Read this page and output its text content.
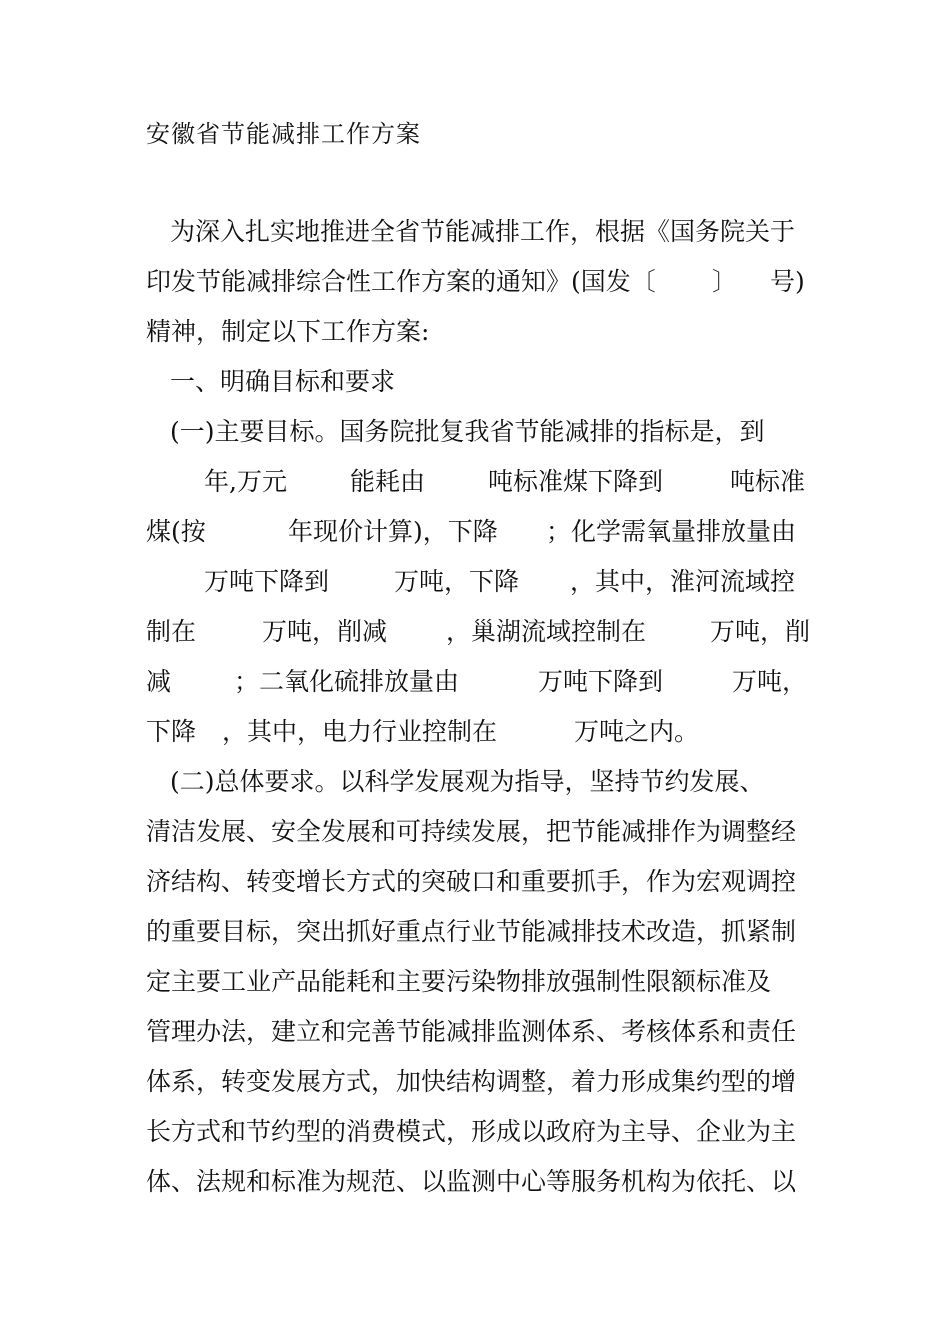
安徽省节能减排工作方案

为深入扎实地推进全省节能减排工作，根据《国务院关于

印发节能减排综合性工作方案的通知》(国发〔

〕

号)

精神，制定以下工作方案:

一、明确目标和要求

(一)主要目标。国务院批复我省节能减排的指标是，到

年,万元

	能耗由

	吨标准煤下降到

	吨标准

煤(按

	年现价计算)，下降

；化学需氧量排放量由

万吨下降到

	万吨，下降

，其中，淮河流域控

制在

	万吨，削减

，巢湖流域控制在

	万吨，削

减

	；二氧化硫排放量由

	万吨下降到

	万吨，

下降

，其中，电力行业控制在

	万吨之内。

(二)总体要求。以科学发展观为指导，坚持节约发展、

清洁发展、安全发展和可持续发展，把节能减排作为调整经

济结构、转变增长方式的突破口和重要抓手，作为宏观调控

的重要目标，突出抓好重点行业节能减排技术改造，抓紧制

定主要工业产品能耗和主要污染物排放强制性限额标准及

管理办法，建立和完善节能减排监测体系、考核体系和责任

体系，转变发展方式，加快结构调整，着力形成集约型的增

长方式和节约型的消费模式，形成以政府为主导、企业为主

体、法规和标准为规范、以监测中心等服务机构为依托、以
